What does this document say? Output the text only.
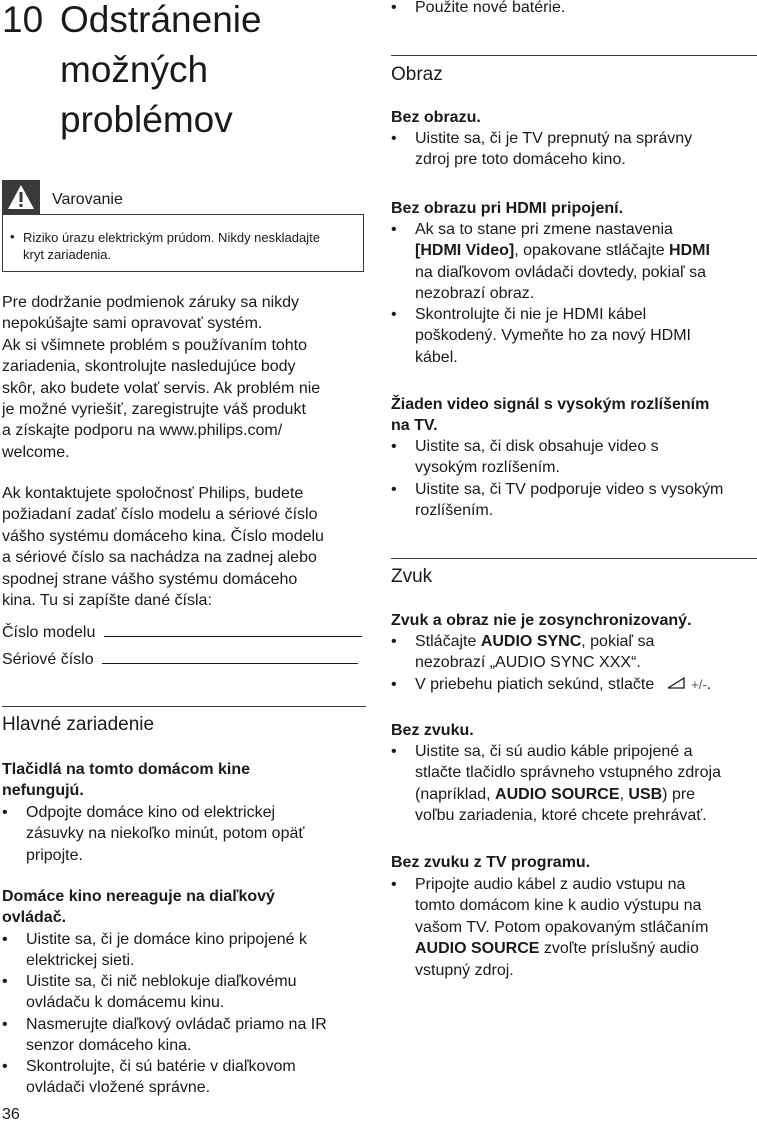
10 Odstránenie
možných
problémov
Varovanie
• Riziko úrazu elektrickým prúdom. Nikdy neskladajte
kryt zariadenia.
Pre dodržanie podmienok záruky sa nikdy
nepokúšajte sami opravovať systém.
Ak si všimnete problém s používaním tohto
zariadenia, skontrolujte nasledujúce body
skôr, ako budete volať servis. Ak problém nie
je možné vyriešiť, zaregistrujte váš produkt
a získajte podporu na www.philips.com/
welcome.
Ak kontaktujete spoločnosť Philips, budete
požiadaní zadať číslo modelu a sériové číslo
vášho systému domáceho kina. Číslo modelu
a sériové číslo sa nachádza na zadnej alebo
spodnej strane vášho systému domáceho
kina. Tu si zapíšte dané čísla:
Číslo modelu
Sériové číslo
Hlavné zariadenie
Tlačidlá na tomto domácom kine
nefungujú.
• Odpojte domáce kino od elektrickej
zásuvky na niekoľko minút, potom opäť
pripojte.
Domáce kino nereaguje na diaľkový
ovládač.
• Uistite sa, či je domáce kino pripojené k
elektrickej sieti.
• Uistite sa, či nič neblokuje diaľkovému
ovládaču k domácemu kinu.
• Nasmerujte diaľkový ovládač priamo na IR
senzor domáceho kina.
• Skontrolujte, či sú batérie v diaľkovom
ovládači vložené správne.
36
• Použite nové batérie.
Obraz
Bez obrazu.
• Uistite sa, či je TV prepnutý na správny
zdroj pre toto domáceho kino.
Bez obrazu pri HDMI pripojení.
• Ak sa to stane pri zmene nastavenia
[HDMI Video], opakovane stláčajte HDMI
na diaľkovom ovládači dovtedy, pokiaľ sa
nezobrazí obraz.
• Skontrolujte či nie je HDMI kábel
poškodený. Vymeňte ho za nový HDMI
kábel.
Žiaden video signál s vysokým rozlíšením
na TV.
• Uistite sa, či disk obsahuje video s
vysokým rozlíšením.
• Uistite sa, či TV podporuje video s vysokým
rozlíšením.
Zvuk
Zvuk a obraz nie je zosynchronizovaný.
• Stláčajte AUDIO SYNC, pokiaľ sa
nezobrazí „AUDIO SYNC XXX“.
• V priebehu piatich sekúnd, stlačte	+/-.
Bez zvuku.
• Uistite sa, či sú audio káble pripojené a
stlačte tlačidlo správneho vstupného zdroja
(napríklad, AUDIO SOURCE, USB) pre
voľbu zariadenia, ktoré chcete prehrávať.
Bez zvuku z TV programu.
• Pripojte audio kábel z audio vstupu na
tomto domácom kine k audio výstupu na
vašom TV. Potom opakovaným stláčaním
AUDIO SOURCE zvoľte príslušný audio
vstupný zdroj.
